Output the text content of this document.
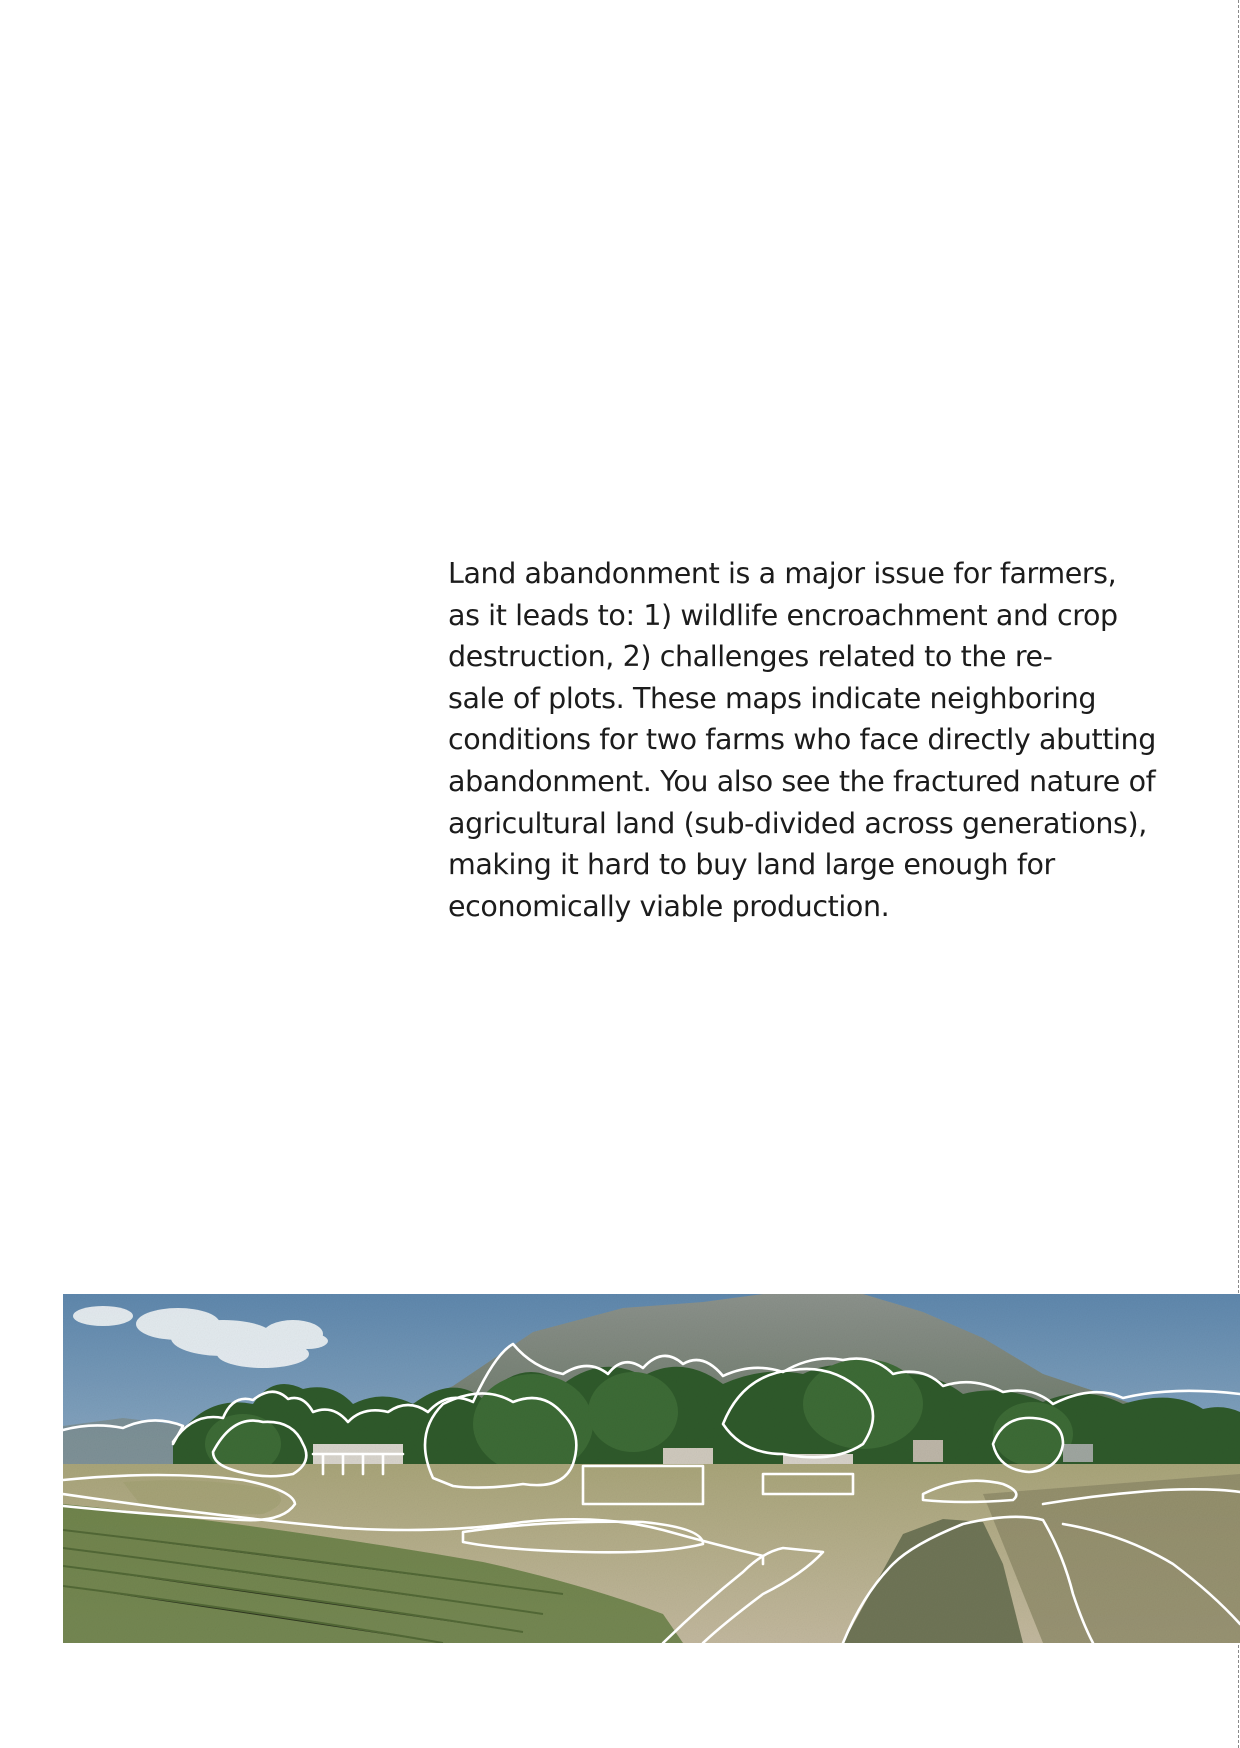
Land abandonment is a major issue for farmers,
as it leads to: 1) wildlife encroachment and crop
destruction, 2) challenges related to the re-
sale of plots. These maps indicate neighboring
conditions for two farms who face directly abutting
abandonment. You also see the fractured nature of
agricultural land (sub-divided across generations),
making it hard to buy land large enough for
economically viable production.
